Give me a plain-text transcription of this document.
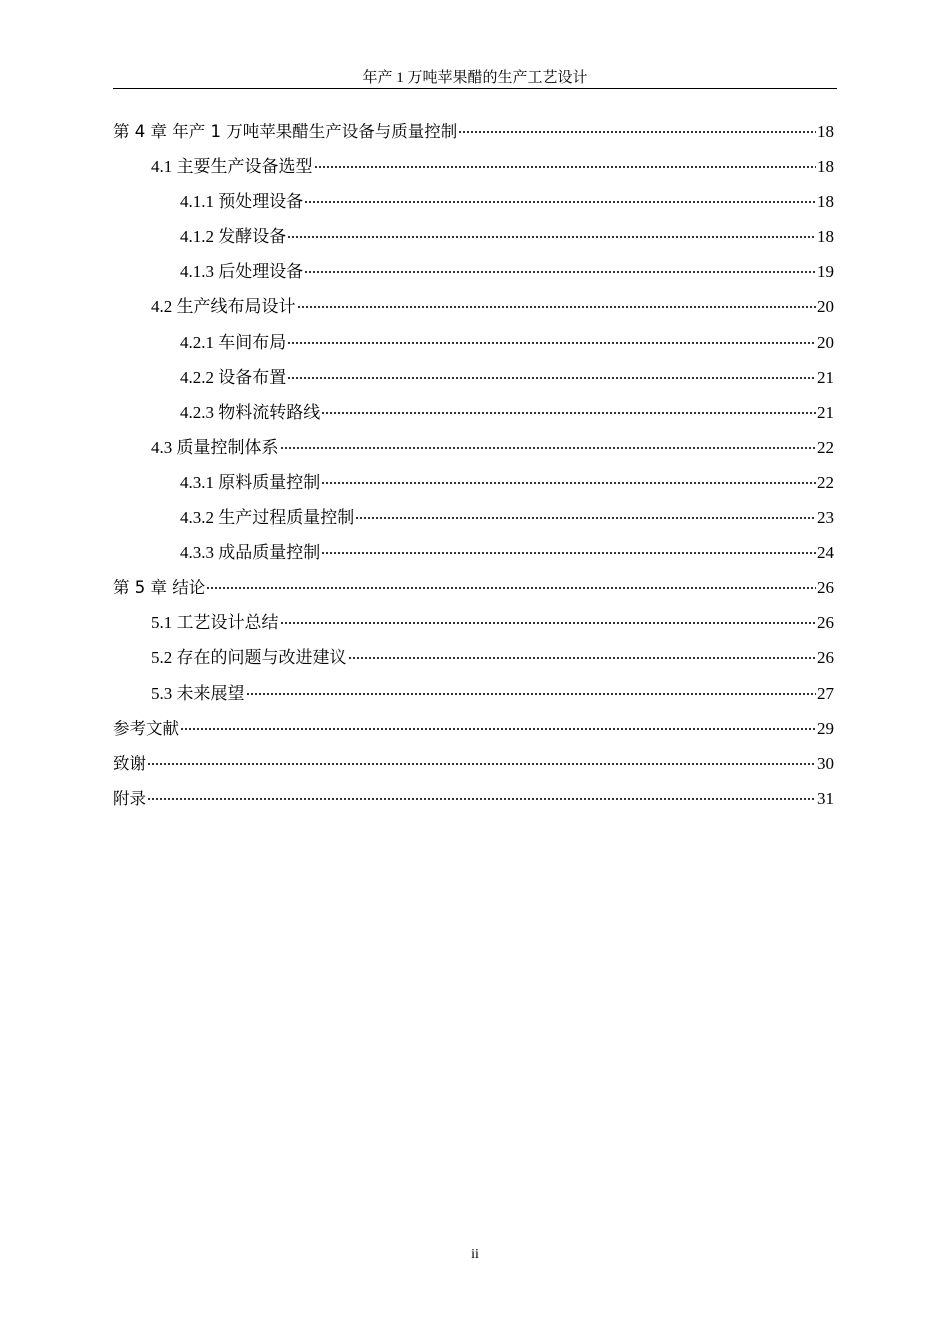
年产 1 万吨苹果醋的生产工艺设计
第 4 章 年产 1 万吨苹果醋生产设备与质量控制	18
4.1 主要生产设备选型	18
4.1.1 预处理设备	18
4.1.2 发酵设备	18
4.1.3 后处理设备	19
4.2 生产线布局设计	20
4.2.1 车间布局	20
4.2.2 设备布置	21
4.2.3 物料流转路线	21
4.3 质量控制体系	22
4.3.1 原料质量控制	22
4.3.2 生产过程质量控制	23
4.3.3 成品质量控制	24
第 5 章 结论	26
5.1 工艺设计总结	26
5.2 存在的问题与改进建议	26
5.3 未来展望	27
参考文献	29
致谢	30
附录	31
ii
